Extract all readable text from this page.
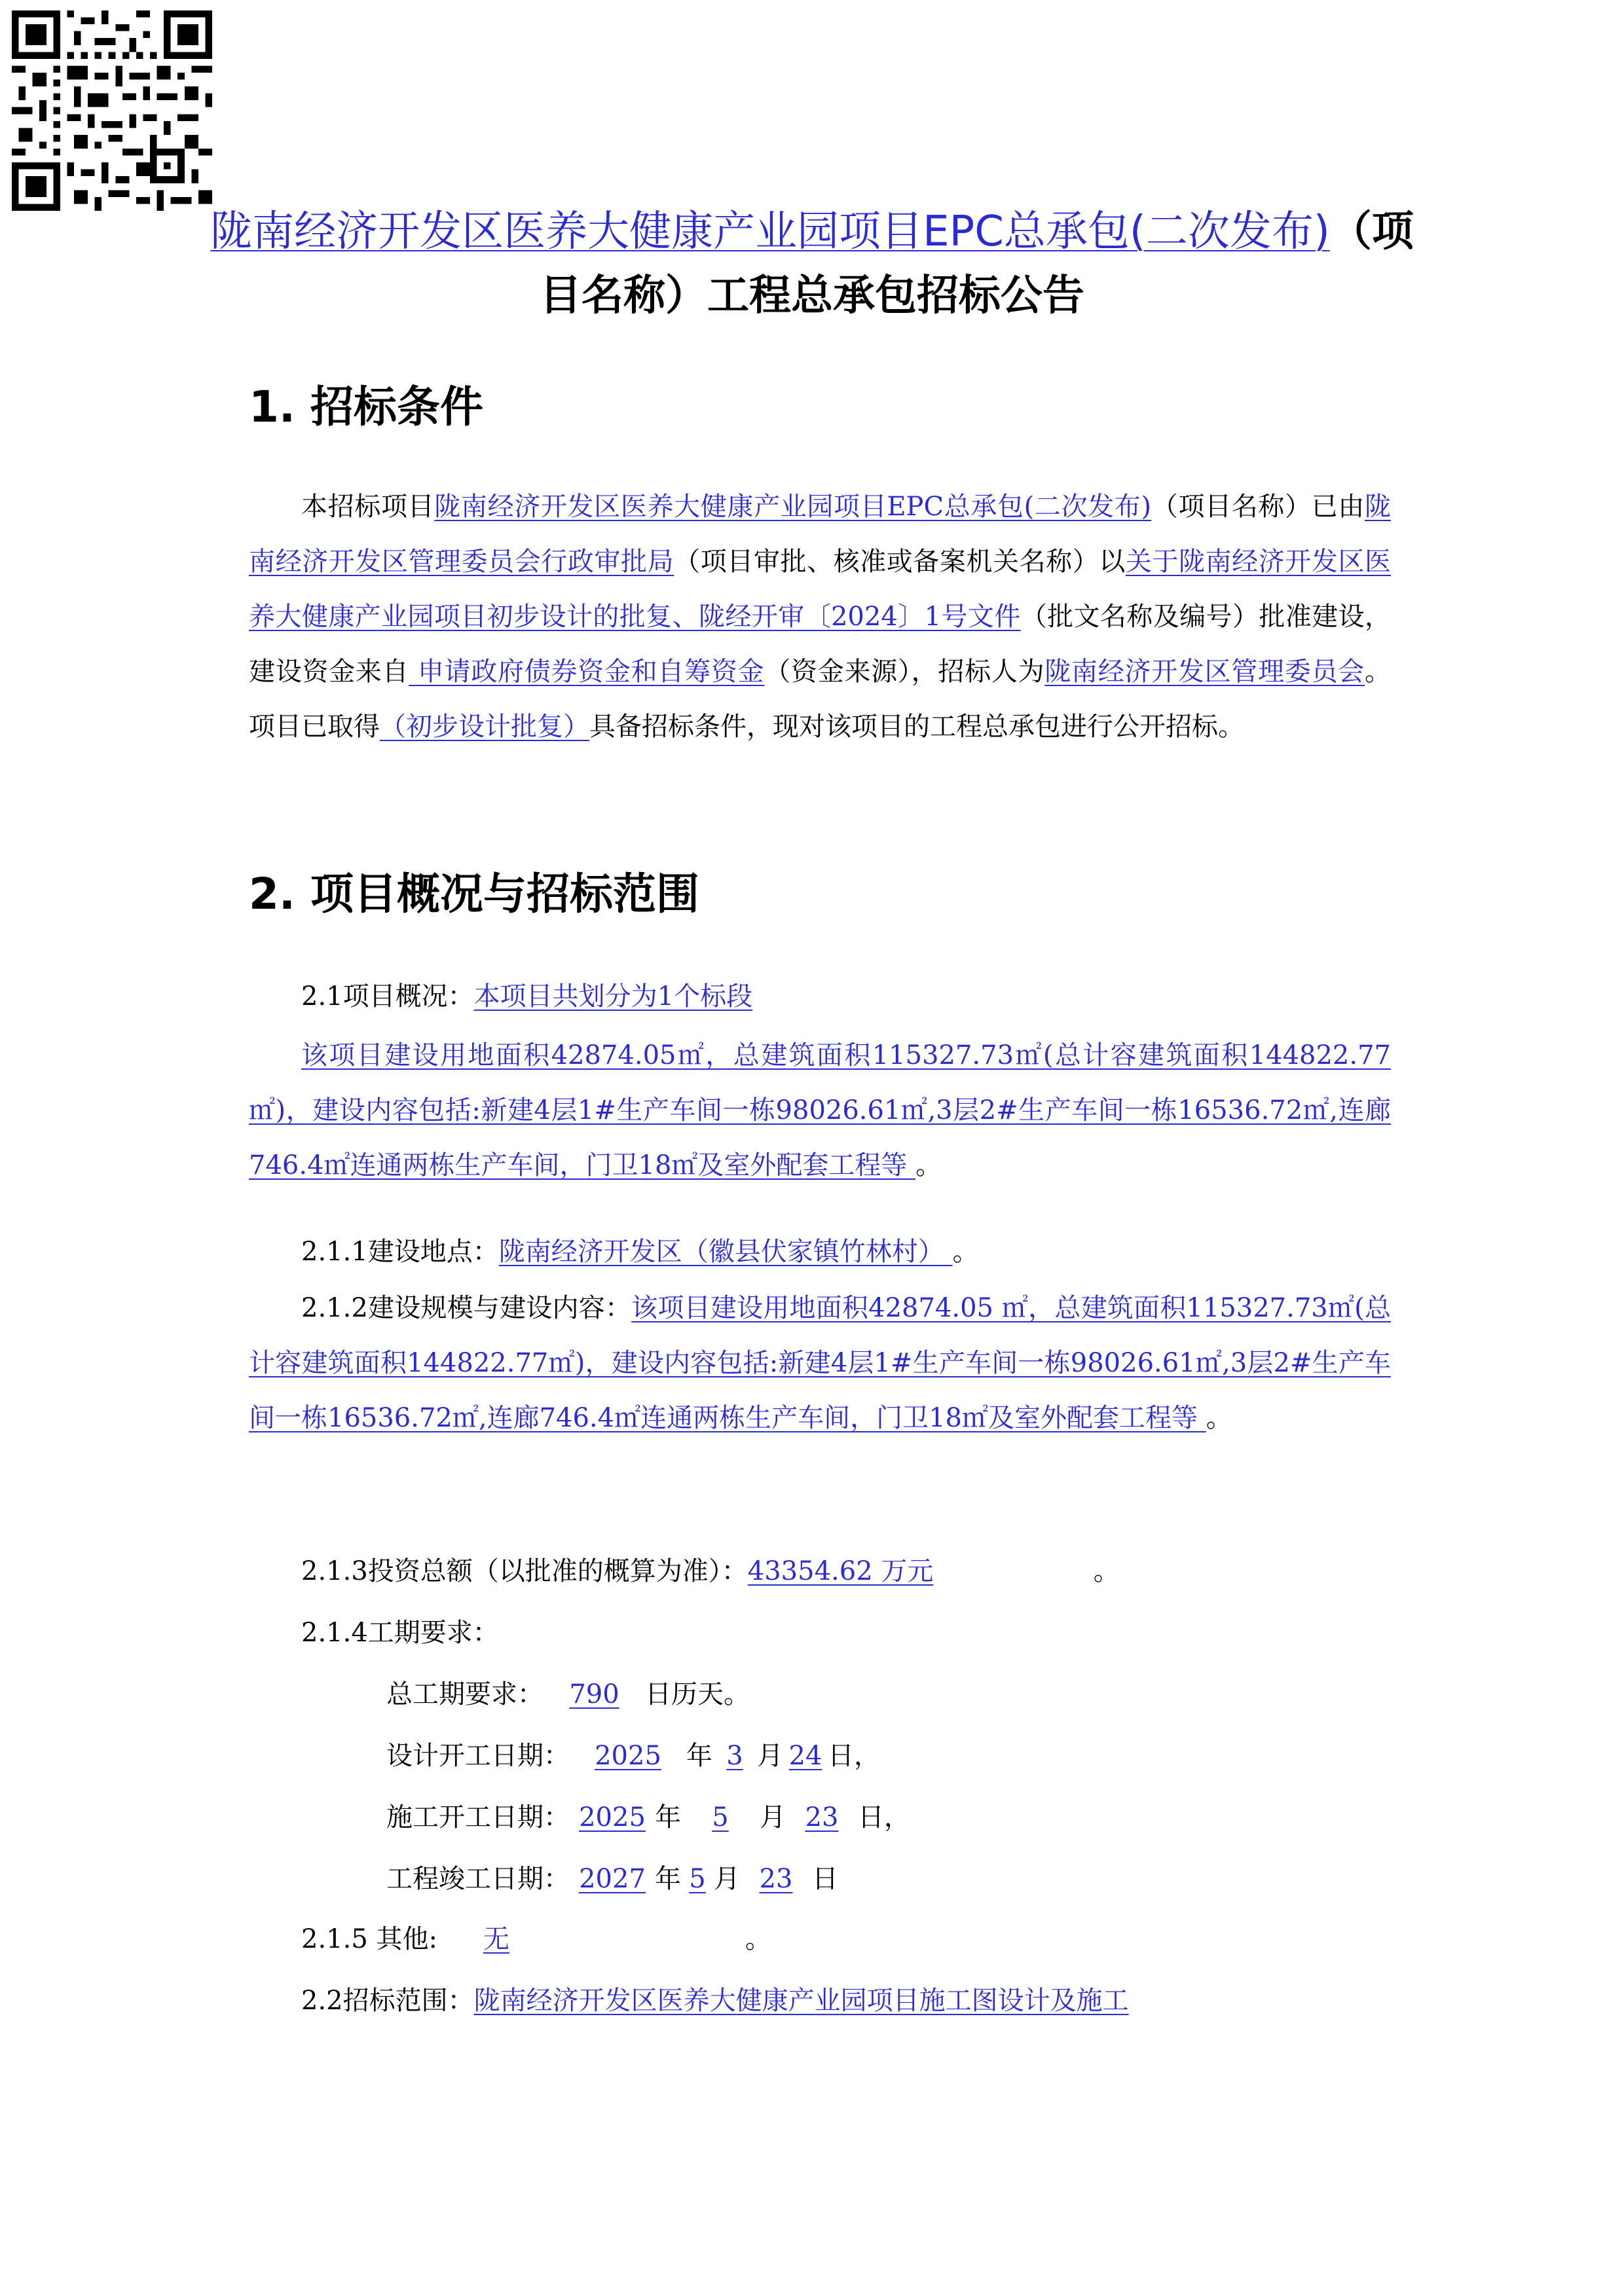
陇南经济开发区医养大健康产业园项目EPC总承包(二次发布)（项目名称）工程总承包招标公告
1. 招标条件
本招标项目陇南经济开发区医养大健康产业园项目EPC总承包(二次发布)（项目名称）已由陇南经济开发区管理委员会行政审批局（项目审批、核准或备案机关名称）以关于陇南经济开发区医养大健康产业园项目初步设计的批复、陇经开审〔2024〕1号文件（批文名称及编号）批准建设，建设资金来自 申请政府债券资金和自筹资金（资金来源），招标人为陇南经济开发区管理委员会。项目已取得（初步设计批复）具备招标条件，现对该项目的工程总承包进行公开招标。
2. 项目概况与招标范围
2.1项目概况：本项目共划分为1个标段
该项目建设用地面积42874.05㎡，总建筑面积115327.73㎡(总计容建筑面积144822.77㎡)，建设内容包括:新建4层1#生产车间一栋98026.61㎡,3层2#生产车间一栋16536.72㎡,连廊746.4㎡连通两栋生产车间，门卫18㎡及室外配套工程等 。
2.1.1建设地点：陇南经济开发区（徽县伏家镇竹林村） 。
2.1.2建设规模与建设内容：该项目建设用地面积42874.05 ㎡，总建筑面积115327.73㎡(总计容建筑面积144822.77㎡)，建设内容包括:新建4层1#生产车间一栋98026.61㎡,3层2#生产车间一栋16536.72㎡,连廊746.4㎡连通两栋生产车间，门卫18㎡及室外配套工程等 。
2.1.3投资总额（以批准的概算为准）：43354.62 万元	。
2.1.4工期要求：
总工期要求： 790 日历天。
设计开工日期： 2025 年 3 月 24 日，
施工开工日期： 2025 年 5 月 23 日，
工程竣工日期： 2027 年 5 月 23 日
2.1.5 其他: 无	。
2.2招标范围：陇南经济开发区医养大健康产业园项目施工图设计及施工
